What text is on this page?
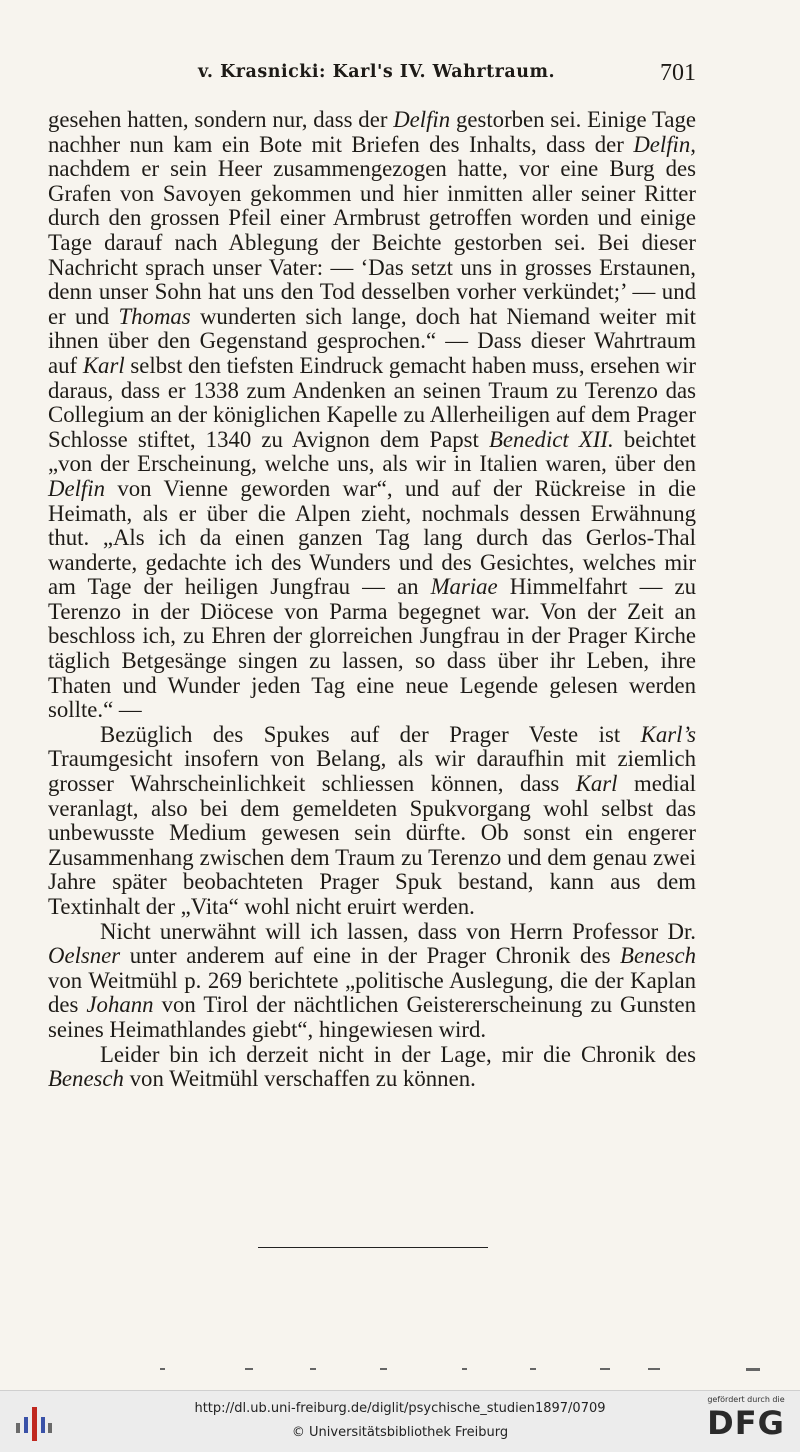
v. Krasnicki: Karl's IV. Wahrtraum.	701

gesehen hatten, sondern nur, dass der Delfin gestorben sei. Einige Tage nachher nun kam ein Bote mit Briefen des Inhalts, dass der Delfin, nachdem er sein Heer zusammengezogen hatte, vor eine Burg des Grafen von Savoyen gekommen und hier inmitten aller seiner Ritter durch den grossen Pfeil einer Armbrust getroffen worden und einige Tage darauf nach Ablegung der Beichte gestorben sei. Bei dieser Nachricht sprach unser Vater: — ‘Das setzt uns in grosses Erstaunen, denn unser Sohn hat uns den Tod desselben vorher verkündet;’ — und er und Thomas wunderten sich lange, doch hat Niemand weiter mit ihnen über den Gegenstand gesprochen.“ — Dass dieser Wahrtraum auf Karl selbst den tiefsten Eindruck gemacht haben muss, ersehen wir daraus, dass er 1338 zum Andenken an seinen Traum zu Terenzo das Collegium an der königlichen Kapelle zu Allerheiligen auf dem Prager Schlosse stiftet, 1340 zu Avignon dem Papst Benedict XII. beichtet „von der Erscheinung, welche uns, als wir in Italien waren, über den Delfin von Vienne geworden war“, und auf der Rückreise in die Heimath, als er über die Alpen zieht, nochmals dessen Erwähnung thut. „Als ich da einen ganzen Tag lang durch das Gerlos-Thal wanderte, gedachte ich des Wunders und des Gesichtes, welches mir am Tage der heiligen Jungfrau — an Mariae Himmelfahrt — zu Terenzo in der Diöcese von Parma begegnet war. Von der Zeit an beschloss ich, zu Ehren der glorreichen Jungfrau in der Prager Kirche täglich Betgesänge singen zu lassen, so dass über ihr Leben, ihre Thaten und Wunder jeden Tag eine neue Legende gelesen werden sollte.“ —

Bezüglich des Spukes auf der Prager Veste ist Karl’s Traumgesicht insofern von Belang, als wir daraufhin mit ziemlich grosser Wahrscheinlichkeit schliessen können, dass Karl medial veranlagt, also bei dem gemeldeten Spukvorgang wohl selbst das unbewusste Medium gewesen sein dürfte. Ob sonst ein engerer Zusammenhang zwischen dem Traum zu Terenzo und dem genau zwei Jahre später beobachteten Prager Spuk bestand, kann aus dem Textinhalt der „Vita“ wohl nicht eruirt werden.

Nicht unerwähnt will ich lassen, dass von Herrn Professor Dr. Oelsner unter anderem auf eine in der Prager Chronik des Benesch von Weitmühl p. 269 berichtete „politische Auslegung, die der Kaplan des Johann von Tirol der nächtlichen Geistererscheinung zu Gunsten seines Heimathlandes giebt“, hingewiesen wird.

Leider bin ich derzeit nicht in der Lage, mir die Chronik des Benesch von Weitmühl verschaffen zu können.

http://dl.ub.uni-freiburg.de/diglit/psychische_studien1897/0709
© Universitätsbibliothek Freiburg
gefördert durch die
DFG
